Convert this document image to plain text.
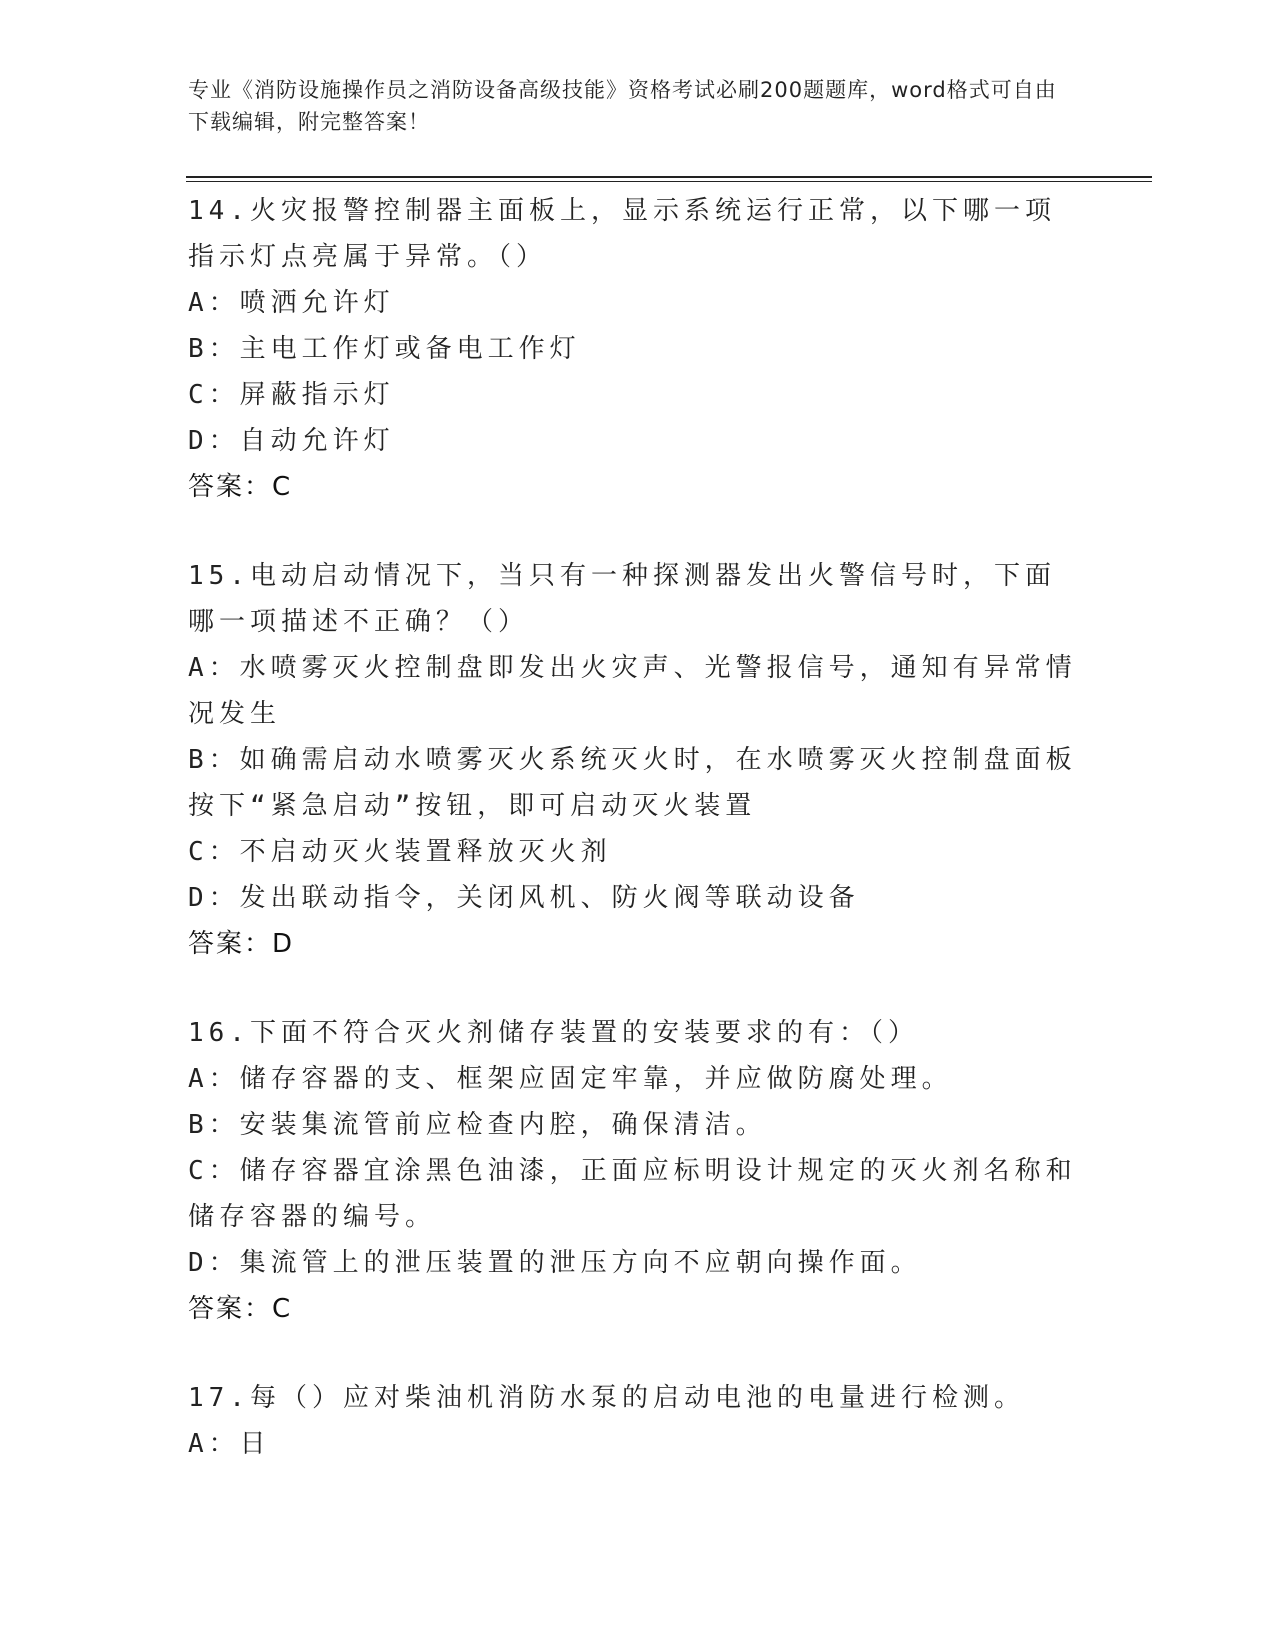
专业《消防设施操作员之消防设备高级技能》资格考试必刷200题题库，word格式可自由下载编辑，附完整答案！

14.火灾报警控制器主面板上，显示系统运行正常，以下哪一项指示灯点亮属于异常。（）

A：喷洒允许灯

B：主电工作灯或备电工作灯

C：屏蔽指示灯

D：自动允许灯

答案：C

15.电动启动情况下，当只有一种探测器发出火警信号时，下面哪一项描述不正确？（）

A：水喷雾灭火控制盘即发出火灾声、光警报信号，通知有异常情况发生

B：如确需启动水喷雾灭火系统灭火时，在水喷雾灭火控制盘面板按下“紧急启动”按钮，即可启动灭火装置

C：不启动灭火装置释放灭火剂

D：发出联动指令，关闭风机、防火阀等联动设备

答案：D

16.下面不符合灭火剂储存装置的安装要求的有：（）

A：储存容器的支、框架应固定牢靠，并应做防腐处理。

B：安装集流管前应检查内腔，确保清洁。

C：储存容器宜涂黑色油漆，正面应标明设计规定的灭火剂名称和储存容器的编号。

D：集流管上的泄压装置的泄压方向不应朝向操作面。

答案：C

17.每（）应对柴油机消防水泵的启动电池的电量进行检测。

A：日
